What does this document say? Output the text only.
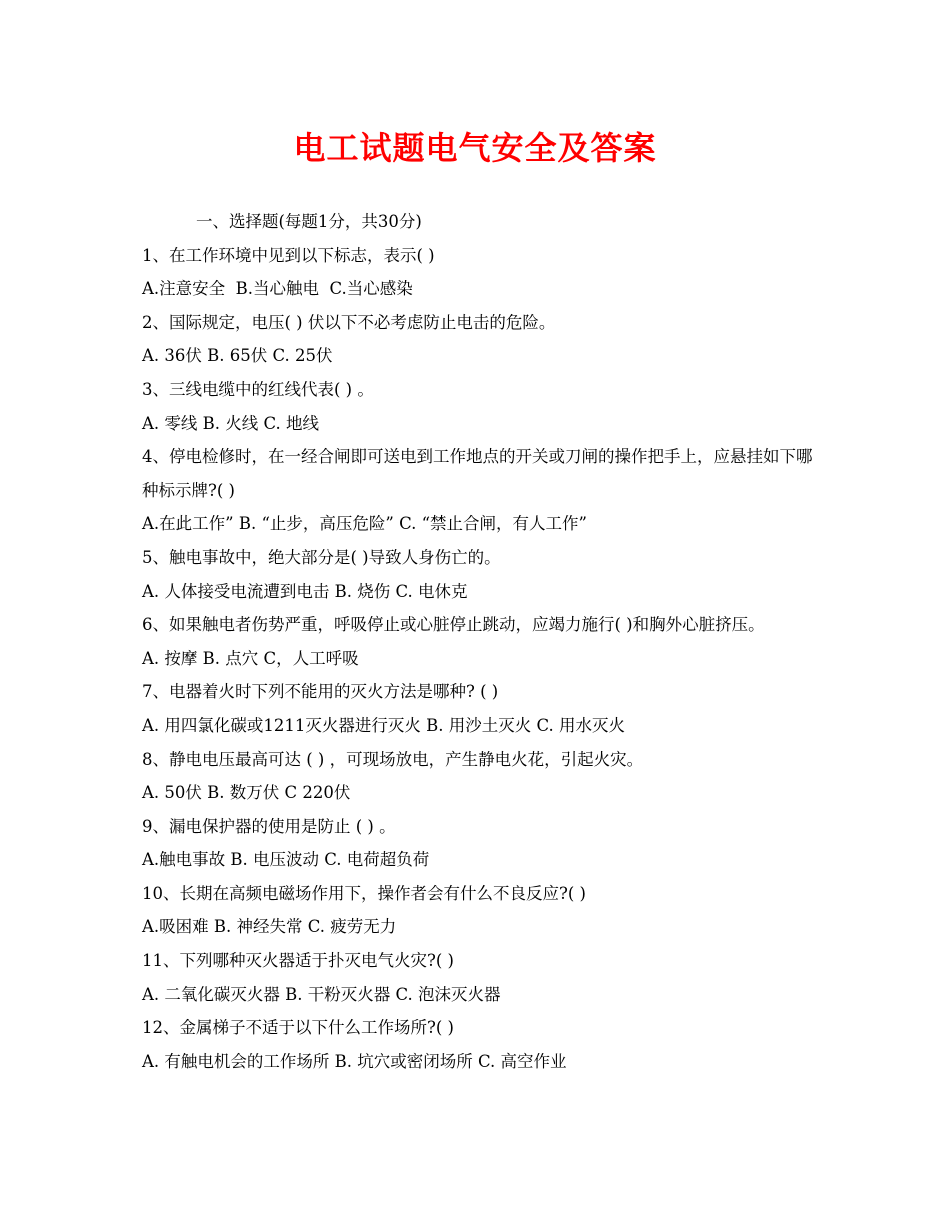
电工试题电气安全及答案

一、选择题(每题1分，共30分)

1、在工作环境中见到以下标志，表示( )

A.注意安全  B.当心触电  C.当心感染

2、国际规定，电压( ) 伏以下不必考虑防止电击的危险。

A. 36伏 B. 65伏 C. 25伏

3、三线电缆中的红线代表( ) 。

A. 零线 B. 火线 C. 地线

4、停电检修时，在一经合闸即可送电到工作地点的开关或刀闸的操作把手上，应悬挂如下哪种标示牌?( )

A.在此工作” B. “止步，高压危险” C. “禁止合闸，有人工作”

5、触电事故中，绝大部分是( )导致人身伤亡的。

A. 人体接受电流遭到电击 B. 烧伤 C. 电休克

6、如果触电者伤势严重，呼吸停止或心脏停止跳动，应竭力施行( )和胸外心脏挤压。

A. 按摩 B. 点穴 C，人工呼吸

7、电器着火时下列不能用的灭火方法是哪种? ( )

A. 用四氯化碳或1211灭火器进行灭火 B. 用沙土灭火 C. 用水灭火

8、静电电压最高可达 ( ) ，可现场放电，产生静电火花，引起火灾。

A. 50伏 B. 数万伏 C 220伏

9、漏电保护器的使用是防止 ( ) 。

A.触电事故 B. 电压波动 C. 电荷超负荷

10、长期在高频电磁场作用下，操作者会有什么不良反应?( )

A.吸困难 B. 神经失常 C. 疲劳无力

11、下列哪种灭火器适于扑灭电气火灾?( )

A. 二氧化碳灭火器 B. 干粉灭火器 C. 泡沫灭火器

12、金属梯子不适于以下什么工作场所?( )

A. 有触电机会的工作场所 B. 坑穴或密闭场所 C. 高空作业
